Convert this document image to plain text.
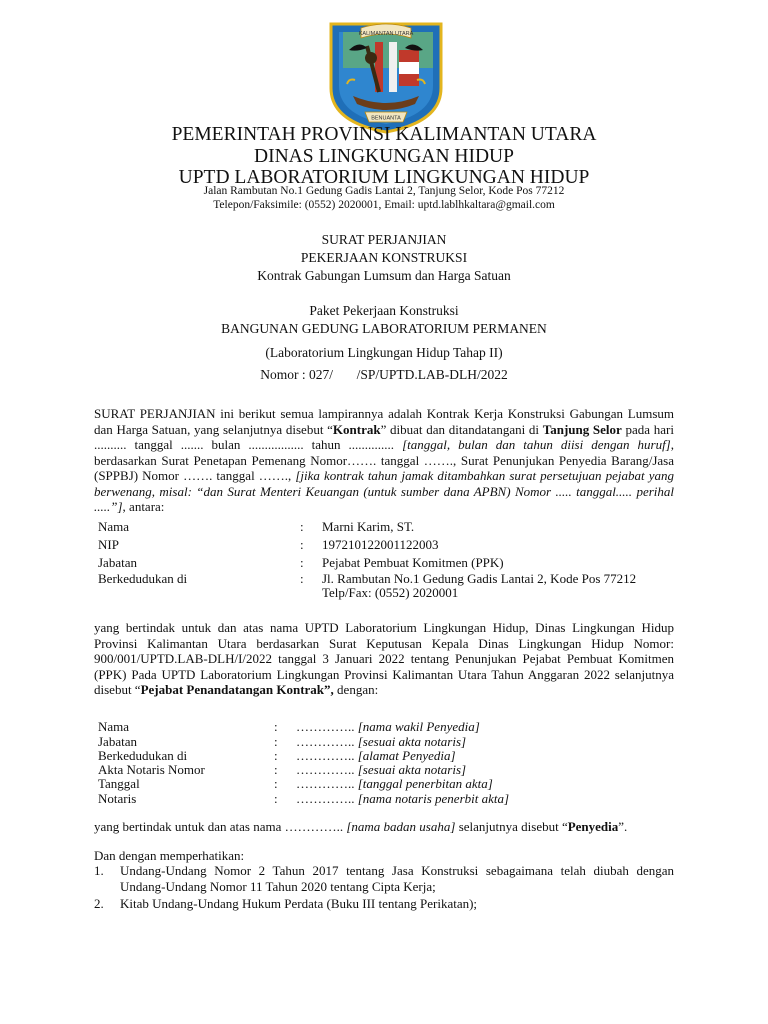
KALIMANTAN UTARA
BENUANTA
PEMERINTAH PROVINSI KALIMANTAN UTARA
DINAS LINGKUNGAN HIDUP
UPTD LABORATORIUM LINGKUNGAN HIDUP
Jalan Rambutan No.1 Gedung Gadis Lantai 2, Tanjung Selor, Kode Pos 77212
Telepon/Faksimile: (0552) 2020001, Email: uptd.lablhkaltara@gmail.com
SURAT PERJANJIAN
PEKERJAAN KONSTRUKSI
Kontrak Gabungan Lumsum dan Harga Satuan
Paket Pekerjaan Konstruksi
BANGUNAN GEDUNG LABORATORIUM PERMANEN
(Laboratorium Lingkungan Hidup Tahap II)
Nomor : 027/       /SP/UPTD.LAB-DLH/2022
SURAT PERJANJIAN ini berikut semua lampirannya adalah Kontrak Kerja Konstruksi Gabungan Lumsum dan Harga Satuan, yang selanjutnya disebut “Kontrak” dibuat dan ditandatangani di Tanjung Selor pada hari .......... tanggal ....... bulan ................. tahun .............. [tanggal, bulan dan tahun diisi dengan huruf], berdasarkan Surat Penetapan Pemenang Nomor……. tanggal ……., Surat Penunjukan Penyedia Barang/Jasa (SPPBJ) Nomor ……. tanggal ……., [jika kontrak tahun jamak ditambahkan surat persetujuan pejabat yang berwenang, misal: “dan Surat Menteri Keuangan (untuk sumber dana APBN) Nomor ..... tanggal..... perihal .....”], antara:
Nama	: Marni Karim, ST.
NIP	: 197210122001122003
Jabatan	: Pejabat Pembuat Komitmen (PPK)
Berkedudukan di	: Jl. Rambutan No.1 Gedung Gadis Lantai 2, Kode Pos 77212
Telp/Fax: (0552) 2020001
yang bertindak untuk dan atas nama UPTD Laboratorium Lingkungan Hidup, Dinas Lingkungan Hidup Provinsi Kalimantan Utara berdasarkan Surat Keputusan Kepala Dinas Lingkungan Hidup Nomor: 900/001/UPTD.LAB-DLH/I/2022 tanggal 3 Januari 2022 tentang Penunjukan Pejabat Pembuat Komitmen (PPK) Pada UPTD Laboratorium Lingkungan Provinsi Kalimantan Utara Tahun Anggaran 2022 selanjutnya disebut “Pejabat Penandatangan Kontrak”, dengan:
Nama	: ………….. [nama wakil Penyedia]
Jabatan	: ………….. [sesuai akta notaris]
Berkedudukan di	: ………….. [alamat Penyedia]
Akta Notaris Nomor	: ………….. [sesuai akta notaris]
Tanggal	: ………….. [tanggal penerbitan akta]
Notaris	: ………….. [nama notaris penerbit akta]
yang bertindak untuk dan atas nama ………….. [nama badan usaha] selanjutnya disebut “Penyedia”.
Dan dengan memperhatikan:
1. Undang-Undang Nomor 2 Tahun 2017 tentang Jasa Konstruksi sebagaimana telah diubah dengan Undang-Undang Nomor 11 Tahun 2020 tentang Cipta Kerja;
2. Kitab Undang-Undang Hukum Perdata (Buku III tentang Perikatan);
